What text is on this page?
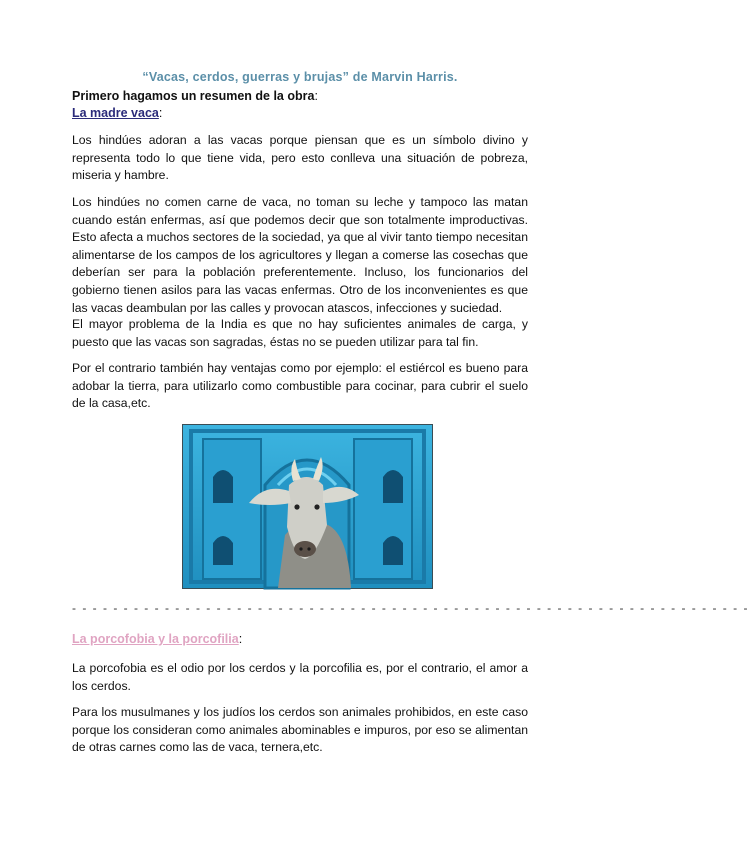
“Vacas, cerdos, guerras y brujas” de Marvin Harris.
Primero hagamos un resumen de la obra:
La madre vaca:

Los hindúes adoran a las vacas porque piensan que es un símbolo divino y representa todo lo que tiene vida, pero esto conlleva una situación de pobreza, miseria y hambre.

Los hindúes no comen carne de vaca, no toman su leche y tampoco las matan cuando están enfermas, así que podemos decir que son totalmente improductivas. Esto afecta a muchos sectores de la sociedad, ya que al vivir tanto tiempo necesitan alimentarse de los campos de los agricultores y llegan a comerse las cosechas que deberían ser para la población preferentemente. Incluso, los funcionarios del gobierno tienen asilos para las vacas enfermas. Otro de los inconvenientes es que las vacas deambulan por las calles y provocan atascos, infecciones y suciedad.

El mayor problema de la India es que no hay suficientes animales de carga, y puesto que las vacas son sagradas, éstas no se pueden utilizar para tal fin.

Por el contrario también hay ventajas como por ejemplo: el estiércol es bueno para adobar la tierra, para utilizarlo como combustible para cocinar, para cubrir el suelo de la casa,etc.

- - - - - - - - - - - - - - - - - - - - - - - - - - - - - - - - - - - - - - - - - - - - - - - - - - - - - - - - - - - - - - - - - -
La porcofobia y la porcofilia:

La porcofobia es el odio por los cerdos y la porcofilia es, por el contrario, el amor a los cerdos.

Para los musulmanes y los judíos los cerdos son animales prohibidos, en este caso porque los consideran como animales abominables e impuros, por eso se alimentan de otras carnes como las de vaca, ternera,etc.
